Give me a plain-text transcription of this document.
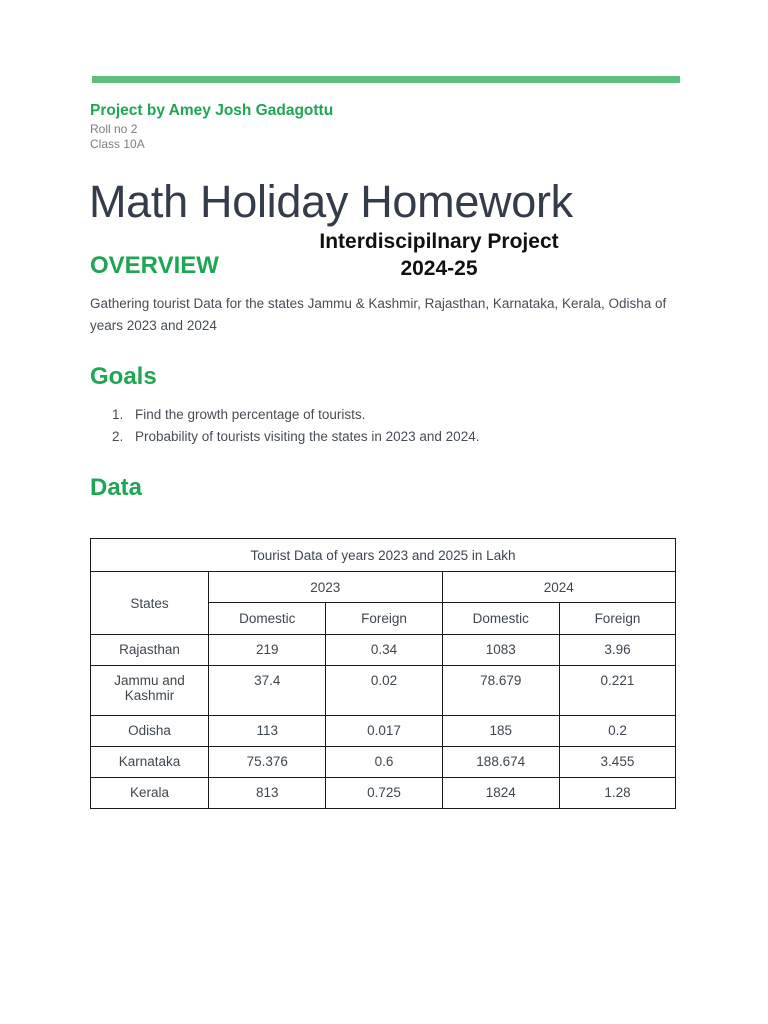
Project by Amey Josh Gadagottu
Roll no 2
Class 10A
Math Holiday Homework
Interdiscipilnary Project
2024-25
OVERVIEW
Gathering tourist Data for the states Jammu & Kashmir, Rajasthan, Karnataka, Kerala, Odisha of years 2023 and 2024
Goals
1. Find the growth percentage of tourists.
2. Probability of tourists visiting the states in 2023 and 2024.
Data
Tourist Data of years 2023 and 2025 in Lakh				
States	2023		2024	
	Domestic	Foreign	Domestic	Foreign
Rajasthan	219	0.34	1083	3.96
Jammu and Kashmir	37.4	0.02	78.679	0.221
Odisha	113	0.017	185	0.2
Karnataka	75.376	0.6	188.674	3.455
Kerala	813	0.725	1824	1.28
